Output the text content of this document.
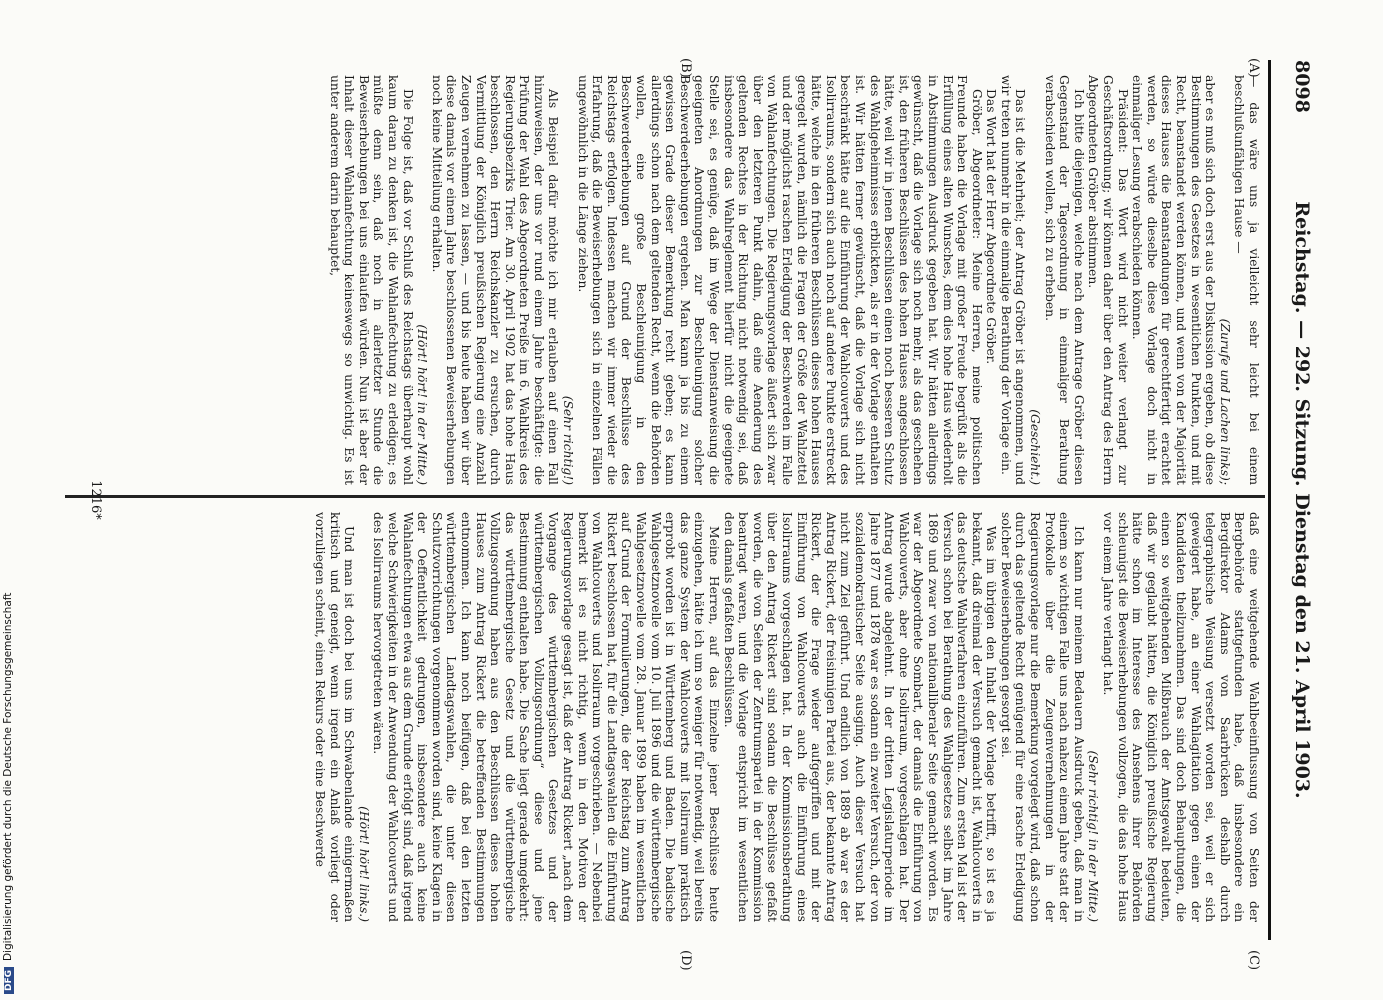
8098
Reichstag. — 292. Sitzung. Dienstag den 21. April 1903.
(A)
(B)
(C)
(D)

— das wäre uns ja vielleicht sehr leicht bei einem beschlußunfähigen Hause —

(Zurufe und Lachen links);

aber es muß sich doch erst aus der Diskussion ergeben, ob diese Bestimmungen des Gesetzes in wesentlichen Punkten, und mit Recht, beanstandet werden können, und wenn von der Majorität dieses Hauses die Beanstandungen für gerechtfertigt erachtet werden, so würde dieselbe diese Vorlage doch nicht in einmaliger Lesung verabschieden können.

Präsident: Das Wort wird nicht weiter verlangt zur Geschäftsordnung; wir können daher über den Antrag des Herrn Abgeordneten Gröber abstimmen.

Ich bitte diejenigen, welche nach dem Antrage Gröber diesen Gegenstand der Tagesordnung in einmaliger Berathung verabschieden wollen, sich zu erheben.

(Geschieht.)

Das ist die Mehrheit; der Antrag Gröber ist angenommen, und wir treten nunmehr in die einmalige Berathung der Vorlage ein.

Das Wort hat der Herr Abgeordnete Gröber.

Gröber, Abgeordneter: Meine Herren, meine politischen Freunde haben die Vorlage mit großer Freude begrüßt als die Erfüllung eines alten Wunsches, dem dies hohe Haus wiederholt in Abstimmungen Ausdruck gegeben hat. Wir hätten allerdings gewünscht, daß die Vorlage sich noch mehr, als das geschehen ist, den früheren Beschlüssen des hohen Hauses angeschlossen hätte, weil wir in jenen Beschlüssen einen noch besseren Schutz des Wahlgeheimnisses erblickten, als er in der Vorlage enthalten ist. Wir hätten ferner gewünscht, daß die Vorlage sich nicht beschränkt hätte auf die Einführung der Wahlcouverts und des Isolirraums, sondern sich auch noch auf andere Punkte erstreckt hätte, welche in den früheren Beschlüssen dieses hohen Hauses geregelt wurden, nämlich die Fragen der Größe der Wahlzettel und der möglichst raschen Erledigung der Beschwerden im Falle von Wahlanfechtungen. Die Regierungsvorlage äußert sich zwar über den letzteren Punkt dahin, daß eine Aenderung des geltenden Rechtes in der Richtung nicht notwendig sei, daß insbesondere das Wahlreglement hierfür nicht die geeignete Stelle sei, es genüge, daß im Wege der Dienstanweisung die geeigneten Anordnungen zur Beschleunigung solcher Beschwerdeerhebungen ergehen. Man kann ja bis zu einem gewissen Grade dieser Bemerkung recht geben; es kann allerdings schon nach dem geltenden Recht, wenn die Behörden wollen, eine große Beschleunigung in den Beschwerdeerhebungen auf Grund der Beschlüsse des Reichstags erfolgen. Indessen machen wir immer wieder die Erfahrung, daß die Beweiserhebungen sich in einzelnen Fällen ungewöhnlich in die Länge ziehen.

(Sehr richtig!)

Als Beispiel dafür möchte ich mir erlauben auf einen Fall hinzuweisen, der uns vor rund einem Jahre beschäftigte: die Prüfung der Wahl des Abgeordneten Preiße im 6. Wahlkreis des Regierungsbezirks Trier. Am 30. April 1902 hat das hohe Haus beschlossen, den Herrn Reichskanzler zu ersuchen, durch Vermittlung der Königlich preußischen Regierung eine Anzahl Zeugen vernehmen zu lassen, — und bis heute haben wir über diese damals vor einem Jahre beschlossenen Beweiserhebungen noch keine Mitteilung erhalten.

(Hört! hört! in der Mitte.)

Die Folge ist, daß vor Schluß des Reichstags überhaupt wohl kaum daran zu denken ist, die Wahlanfechtung zu erledigen; es müßte denn sein, daß noch in allerletzter Stunde die Beweiserhebungen bei uns einlaufen würden. Nun ist aber der Inhalt dieser Wahlanfechtung keineswegs so unwichtig. Es ist unter anderem darin behauptet,

daß eine weitgehende Wahlbeeinflussung von Seiten der Bergbehörde stattgefunden habe, daß insbesondere ein Bergdirektor Adams von Saarbrücken deshalb durch telegraphische Weisung versetzt worden sei, weil er sich geweigert habe, an einer Wahlagitation gegen einen der Kandidaten theilzunehmen. Das sind doch Behauptungen, die einen so weitgehenden Mißbrauch der Amtsgewalt bedeuten, daß wir geglaubt hätten, die Königlich preußische Regierung hätte schon im Interesse des Ansehens ihrer Behörden schleunigst die Beweiserhebungen vollzogen, die das hohe Haus vor einem Jahre verlangt hat.

(Sehr richtig! in der Mitte.)

Ich kann nur meinem Bedauern Ausdruck geben, daß man in einem so wichtigen Falle uns nach nahezu einem Jahre statt der Protokolle über die Zeugenvernehmungen in der Regierungsvorlage nur die Bemerkung vorgelegt wird, daß schon durch das geltende Recht genügend für eine rasche Erledigung solcher Beweiserhebungen gesorgt sei.

Was im übrigen den Inhalt der Vorlage betrifft, so ist es ja bekannt, daß dreimal der Versuch gemacht ist, Wahlcouverts in das deutsche Wahlverfahren einzuführen. Zum ersten Mal ist der Versuch schon bei Berathung des Wahlgesetzes selbst im Jahre 1869 und zwar von nationalliberaler Seite gemacht worden. Es war der Abgeordnete Sombart, der damals die Einführung von Wahlcouverts, aber ohne Isolirraum, vorgeschlagen hat. Der Antrag wurde abgelehnt. In der dritten Legislaturperiode im Jahre 1877 und 1878 war es sodann ein zweiter Versuch, der von sozialdemokratischer Seite ausging. Auch dieser Versuch hat nicht zum Ziel geführt. Und endlich von 1889 ab war es der Antrag Rickert, der freisinnigen Partei aus, der bekannte Antrag Rickert, der die Frage wieder aufgegriffen und mit der Einführung von Wahlcouverts auch die Einführung eines Isolirraums vorgeschlagen hat. In der Kommissionsberathung über den Antrag Rickert sind sodann die Beschlüsse gefaßt worden, die von Seiten der Zentrumspartei in der Kommission beantragt waren, und die Vorlage entspricht im wesentlichen den damals gefaßten Beschlüssen.

Meine Herren, auf das Einzelne jener Beschlüsse heute einzugehen, hätte ich um so weniger für notwendig, weil bereits das ganze System der Wahlcouverts mit Isolirraum praktisch erprobt worden ist in Württemberg und Baden. Die badische Wahlgesetznovelle vom 10. Juli 1896 und die württembergische Wahlgesetznovelle vom 28. Januar 1899 haben im wesentlichen auf Grund der Formulierungen, die der Reichstag zum Antrag Rickert beschlossen hat, für die Landtagswahlen die Einführung von Wahlcouverts und Isolirraum vorgeschrieben. — Nebenbei bemerkt ist es nicht richtig, wenn in den Motiven der Regierungsvorlage gesagt ist, daß der Antrag Rickert „nach dem Vorgange des württembergischen Gesetzes und der württembergischen Vollzugsordnung“ diese und jene Bestimmung enthalten habe. Die Sache liegt gerade umgekehrt: das württembergische Gesetz und die württembergische Vollzugsordnung haben aus den Beschlüssen dieses hohen Hauses zum Antrag Rickert die betreffenden Bestimmungen entnommen. Ich kann noch beifügen, daß bei den letzten württembergischen Landtagswahlen, die unter diesen Schutzvorrichtungen vorgenommen worden sind, keine Klagen in der Oeffentlichkeit gedrungen, insbesondere auch keine Wahlanfechtungen etwa aus dem Grunde erfolgt sind, daß irgend welche Schwierigkeiten in der Anwendung der Wahlcouverts und des Isolirraums hervorgetreten wären.

(Hört! hört! links.)

Und man ist doch bei uns im Schwabenlande einigermaßen kritisch und geneigt, wenn irgend ein Anlaß vorliegt oder vorzuliegen scheint, einen Rekurs oder eine Beschwerde

1216*
DFGDigitalisierung gefördert durch die Deutsche Forschungsgemeinschaft
